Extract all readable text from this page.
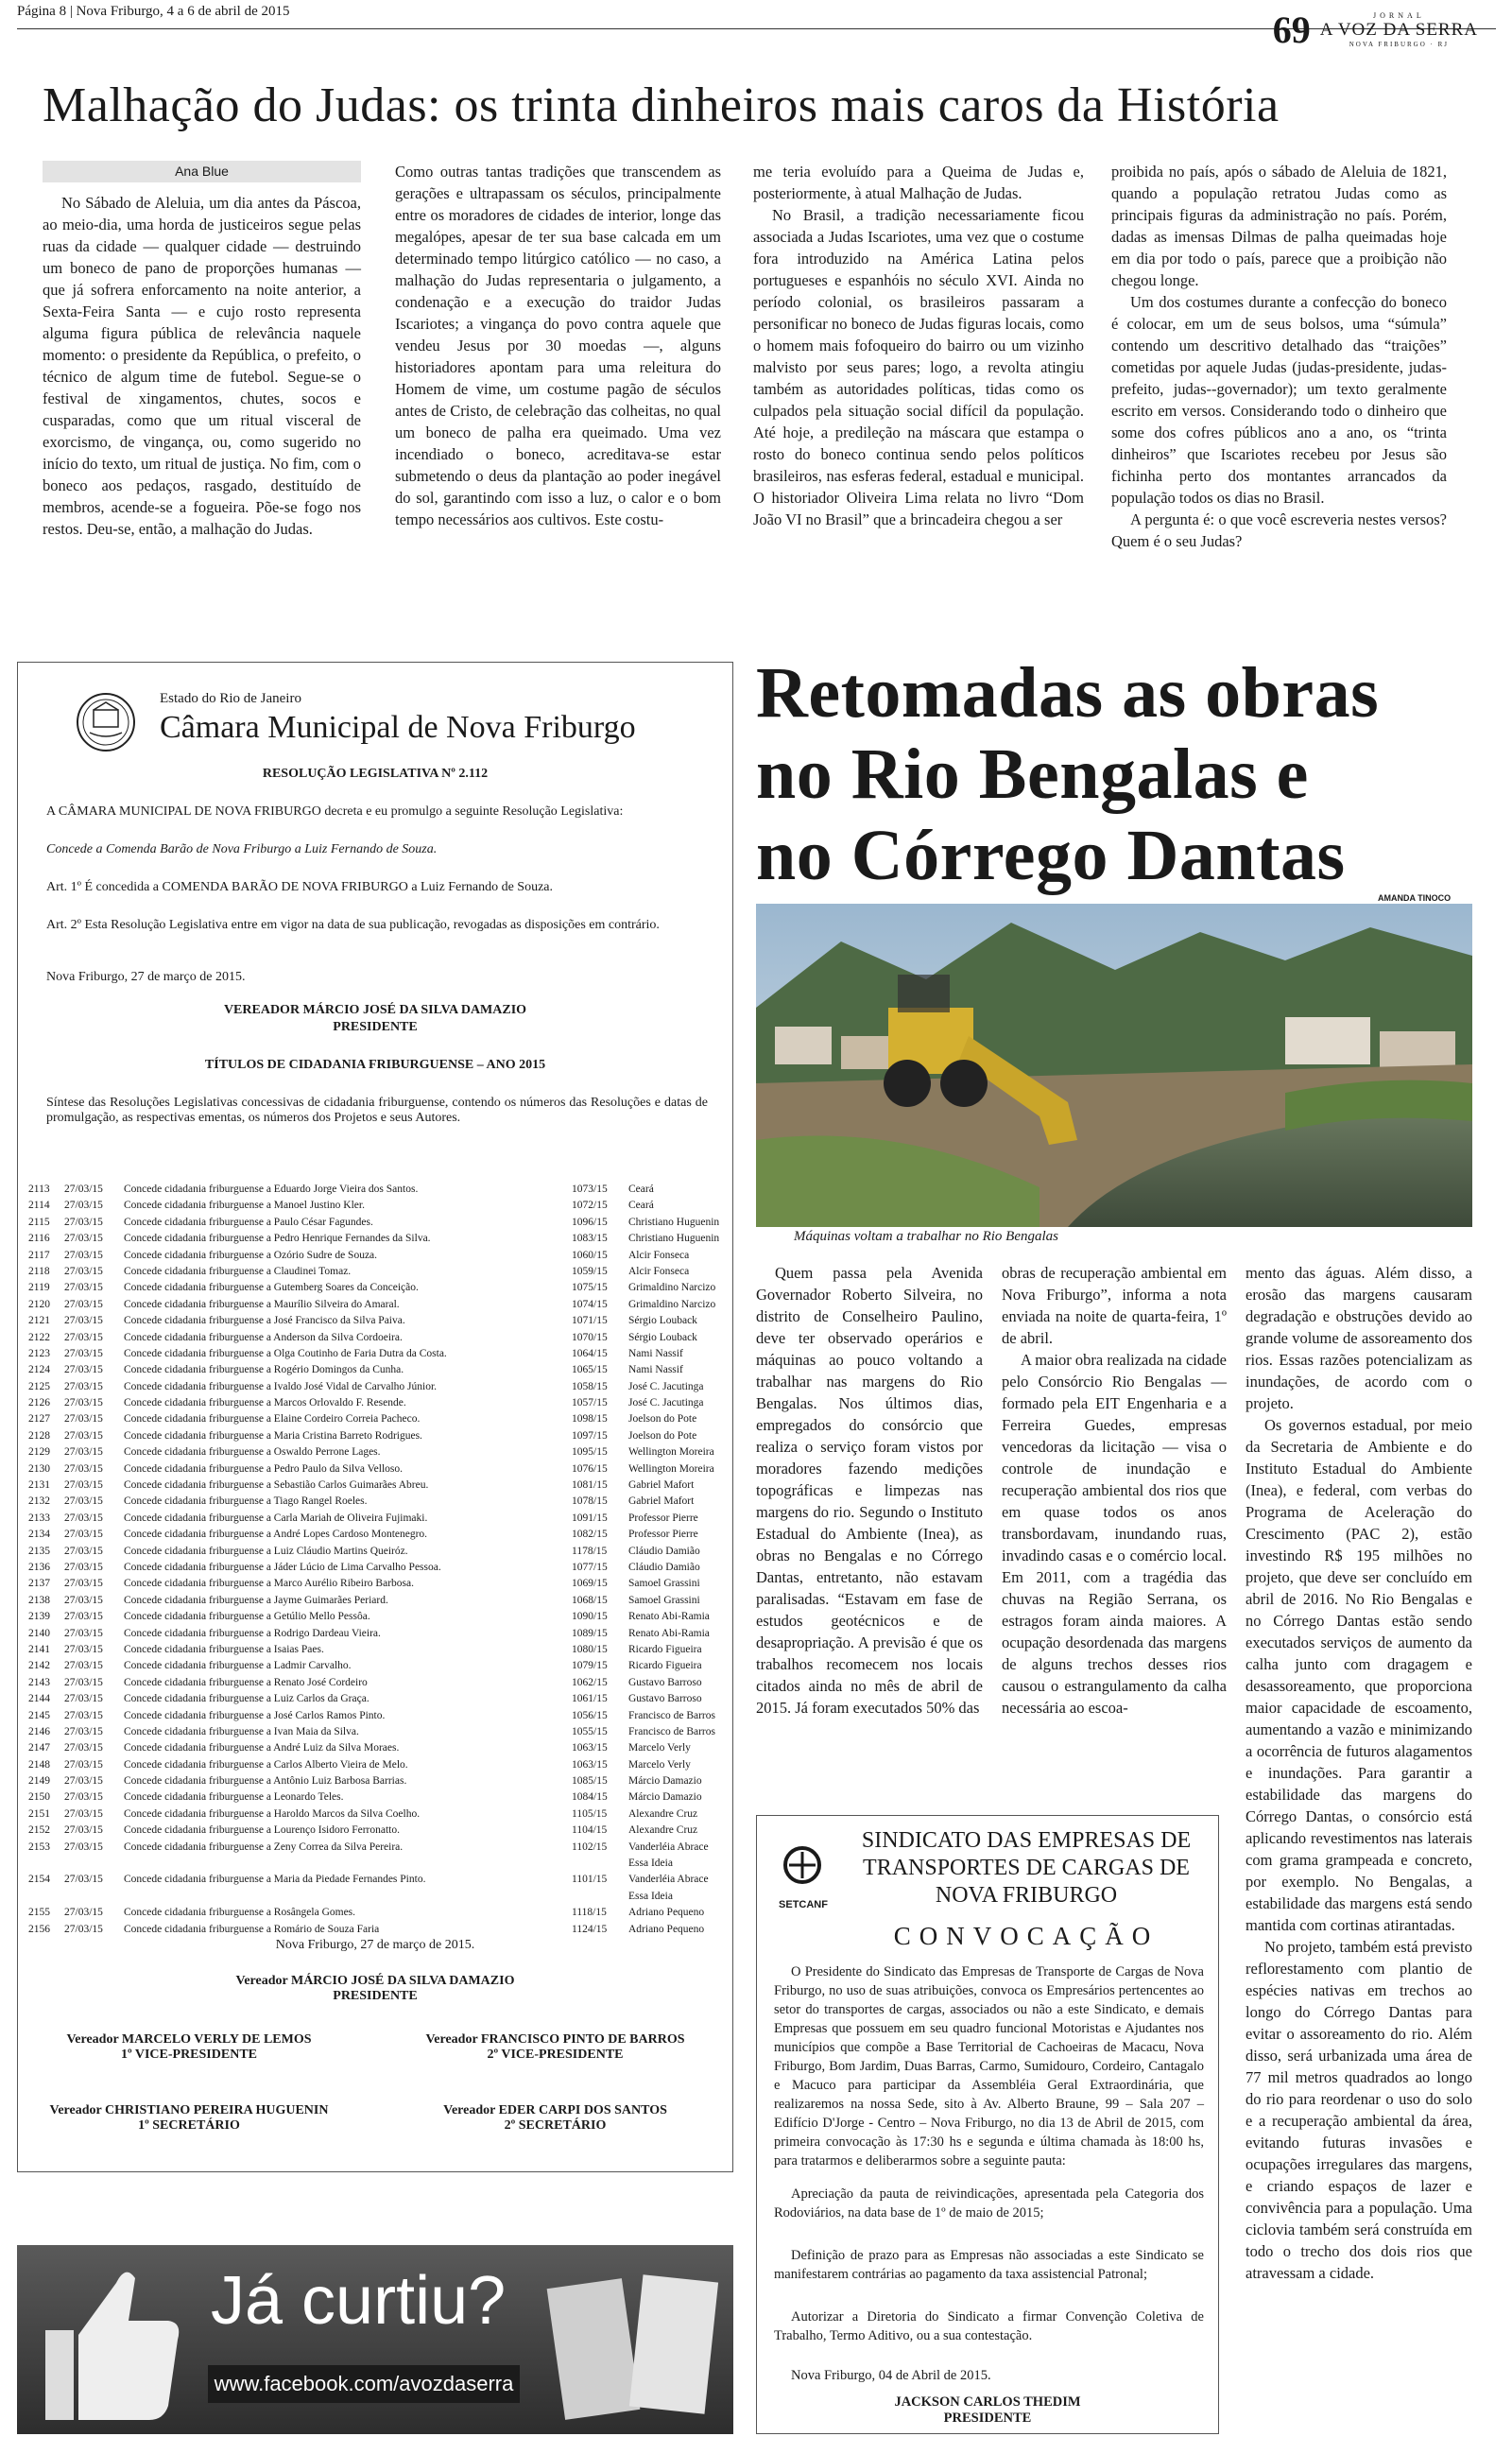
Página 8 | Nova Friburgo, 4 a 6 de abril de 2015	69	JORNAL
A VOZ DA SERRA
NOVA FRIBURGO · RJ
Malhação do Judas: os trinta dinheiros mais caros da História
Ana Blue

No Sábado de Aleluia, um dia antes da Páscoa, ao meio-dia, uma horda de justiceiros segue pelas ruas da cidade — qualquer cidade — destruindo um boneco de pano de proporções humanas — que já sofrera enforcamento na noite anterior, a Sexta-Feira Santa — e cujo rosto representa alguma figura pública de relevância naquele momento: o presidente da República, o prefeito, o técnico de algum time de futebol. Segue-se o festival de xingamentos, chutes, socos e cusparadas, como que um ritual visceral de exorcismo, de vingança, ou, como sugerido no início do texto, um ritual de justiça. No fim, com o boneco aos pedaços, rasgado, destituído de membros, acende-se a fogueira. Põe-se fogo nos restos. Deu-se, então, a malhação do Judas.

Como outras tantas tradições que transcendem as gerações e ultrapassam os séculos, principalmente entre os moradores de cidades de interior, longe das megalópes, apesar de ter sua base calcada em um determinado tempo litúrgico católico — no caso, a malhação do Judas representaria o julgamento, a condenação e a execução do traidor Judas Iscariotes; a vingança do povo contra aquele que vendeu Jesus por 30 moedas —, alguns historiadores apontam para uma releitura do Homem de vime, um costume pagão de séculos antes de Cristo, de celebração das colheitas, no qual um boneco de palha era queimado. Uma vez incendiado o boneco, acreditava-se estar submetendo o deus da plantação ao poder inegável do sol, garantindo com isso a luz, o calor e o bom tempo necessários aos cultivos. Este costu-

me teria evoluído para a Queima de Judas e, posteriormente, à atual Malhação de Judas.

No Brasil, a tradição necessariamente ficou associada a Judas Iscariotes, uma vez que o costume fora introduzido na América Latina pelos portugueses e espanhóis no século XVI. Ainda no período colonial, os brasileiros passaram a personificar no boneco de Judas figuras locais, como o homem mais fofoqueiro do bairro ou um vizinho malvisto por seus pares; logo, a revolta atingiu também as autoridades políticas, tidas como os culpados pela situação social difícil da população. Até hoje, a predileção na máscara que estampa o rosto do boneco continua sendo pelos políticos brasileiros, nas esferas federal, estadual e municipal. O historiador Oliveira Lima relata no livro “Dom João VI no Brasil” que a brincadeira chegou a ser

proibida no país, após o sábado de Aleluia de 1821, quando a população retratou Judas como as principais figuras da administração no país. Porém, dadas as imensas Dilmas de palha queimadas hoje em dia por todo o país, parece que a proibição não chegou longe.

Um dos costumes durante a confecção do boneco é colocar, em um de seus bolsos, uma “súmula” contendo um descritivo detalhado das “traições” cometidas por aquele Judas (judas-presidente, judas-prefeito, judas--governador); um texto geralmente escrito em versos. Considerando todo o dinheiro que some dos cofres públicos ano a ano, os “trinta dinheiros” que Iscariotes recebeu por Jesus são fichinha perto dos montantes arrancados da população todos os dias no Brasil.

A pergunta é: o que você escreveria nestes versos? Quem é o seu Judas?

Estado do Rio de Janeiro
Câmara Municipal de Nova Friburgo
RESOLUÇÃO LEGISLATIVA Nº 2.112
A CÂMARA MUNICIPAL DE NOVA FRIBURGO decreta e eu promulgo a seguinte Resolução Legislativa:
Concede a Comenda Barão de Nova Friburgo a Luiz Fernando de Souza.
Art. 1º É concedida a COMENDA BARÃO DE NOVA FRIBURGO a Luiz Fernando de Souza.
Art. 2º Esta Resolução Legislativa entre em vigor na data de sua publicação, revogadas as disposições em contrário.
Nova Friburgo, 27 de março de 2015.
VEREADOR MÁRCIO JOSÉ DA SILVA DAMAZIO
PRESIDENTE
TÍTULOS DE CIDADANIA FRIBURGUENSE – ANO 2015
Síntese das Resoluções Legislativas concessivas de cidadania friburguense, contendo os números das Resoluções e datas de promulgação, as respectivas ementas, os números dos Projetos e seus Autores.
2113 27/03/15 Concede cidadania friburguense a Eduardo Jorge Vieira dos Santos.	1073/15 Ceará
2114 27/03/15 Concede cidadania friburguense a Manoel Justino Kler.	1072/15 Ceará
2115 27/03/15 Concede cidadania friburguense a Paulo César Fagundes.	1096/15 Christiano Huguenin
2116 27/03/15 Concede cidadania friburguense a Pedro Henrique Fernandes da Silva.	1083/15 Christiano Huguenin
2117 27/03/15 Concede cidadania friburguense a Ozório Sudre de Souza.	1060/15 Alcir Fonseca
2118 27/03/15 Concede cidadania friburguense a Claudinei Tomaz.	1059/15 Alcir Fonseca
2119 27/03/15 Concede cidadania friburguense a Gutemberg Soares da Conceição.	1075/15 Grimaldino Narcizo
2120 27/03/15 Concede cidadania friburguense a Maurílio Silveira do Amaral.	1074/15 Grimaldino Narcizo
2121 27/03/15 Concede cidadania friburguense a José Francisco da Silva Paiva.	1071/15 Sérgio Louback
2122 27/03/15 Concede cidadania friburguense a Anderson da Silva Cordoeira.	1070/15 Sérgio Louback
2123 27/03/15 Concede cidadania friburguense a Olga Coutinho de Faria Dutra da Costa.	1064/15 Nami Nassif
2124 27/03/15 Concede cidadania friburguense a Rogério Domingos da Cunha.	1065/15 Nami Nassif
2125 27/03/15 Concede cidadania friburguense a Ivaldo José Vidal de Carvalho Júnior.	1058/15 José C. Jacutinga
2126 27/03/15 Concede cidadania friburguense a Marcos Orlovaldo F. Resende.	1057/15 José C. Jacutinga
2127 27/03/15 Concede cidadania friburguense a Elaine Cordeiro Correia Pacheco.	1098/15 Joelson do Pote
2128 27/03/15 Concede cidadania friburguense a Maria Cristina Barreto Rodrigues.	1097/15 Joelson do Pote
2129 27/03/15 Concede cidadania friburguense a Oswaldo Perrone Lages.	1095/15 Wellington Moreira
2130 27/03/15 Concede cidadania friburguense a Pedro Paulo da Silva Velloso.	1076/15 Wellington Moreira
2131 27/03/15 Concede cidadania friburguense a Sebastião Carlos Guimarães Abreu.	1081/15 Gabriel Mafort
2132 27/03/15 Concede cidadania friburguense a Tiago Rangel Roeles.	1078/15 Gabriel Mafort
2133 27/03/15 Concede cidadania friburguense a Carla Mariah de Oliveira Fujimaki.	1091/15 Professor Pierre
2134 27/03/15 Concede cidadania friburguense a André Lopes Cardoso Montenegro.	1082/15 Professor Pierre
2135 27/03/15 Concede cidadania friburguense a Luiz Cláudio Martins Queiróz.	1178/15 Cláudio Damião
2136 27/03/15 Concede cidadania friburguense a Jáder Lúcio de Lima Carvalho Pessoa.	1077/15 Cláudio Damião
2137 27/03/15 Concede cidadania friburguense a Marco Aurélio Ribeiro Barbosa.	1069/15 Samoel Grassini
2138 27/03/15 Concede cidadania friburguense a Jayme Guimarães Periard.	1068/15 Samoel Grassini
2139 27/03/15 Concede cidadania friburguense a Getúlio Mello Pessôa.	1090/15 Renato Abi-Ramia
2140 27/03/15 Concede cidadania friburguense a Rodrigo Dardeau Vieira.	1089/15 Renato Abi-Ramia
2141 27/03/15 Concede cidadania friburguense a Isaias Paes.	1080/15 Ricardo Figueira
2142 27/03/15 Concede cidadania friburguense a Ladmir Carvalho.	1079/15 Ricardo Figueira
2143 27/03/15 Concede cidadania friburguense a Renato José Cordeiro	1062/15 Gustavo Barroso
2144 27/03/15 Concede cidadania friburguense a Luiz Carlos da Graça.	1061/15 Gustavo Barroso
2145 27/03/15 Concede cidadania friburguense a José Carlos Ramos Pinto.	1056/15 Francisco de Barros
2146 27/03/15 Concede cidadania friburguense a Ivan Maia da Silva.	1055/15 Francisco de Barros
2147 27/03/15 Concede cidadania friburguense a André Luiz da Silva Moraes.	1063/15 Marcelo Verly
2148 27/03/15 Concede cidadania friburguense a Carlos Alberto Vieira de Melo.	1063/15 Marcelo Verly
2149 27/03/15 Concede cidadania friburguense a Antônio Luiz Barbosa Barrias.	1085/15 Márcio Damazio
2150 27/03/15 Concede cidadania friburguense a Leonardo Teles.	1084/15 Márcio Damazio
2151 27/03/15 Concede cidadania friburguense a Haroldo Marcos da Silva Coelho.	1105/15 Alexandre Cruz
2152 27/03/15 Concede cidadania friburguense a Lourenço Isidoro Ferronatto.	1104/15 Alexandre Cruz
2153 27/03/15 Concede cidadania friburguense a Zeny Correa da Silva Pereira.	1102/15 Vanderléia Abrace
Essa Ideia
2154 27/03/15 Concede cidadania friburguense a Maria da Piedade Fernandes Pinto.	1101/15 Vanderléia Abrace
Essa Ideia
2155 27/03/15 Concede cidadania friburguense a Rosângela Gomes.	1118/15 Adriano Pequeno
2156 27/03/15 Concede cidadania friburguense a Romário de Souza Faria	1124/15 Adriano Pequeno
Nova Friburgo, 27 de março de 2015.
Vereador MÁRCIO JOSÉ DA SILVA DAMAZIO
PRESIDENTE
Vereador MARCELO VERLY DE LEMOS
1º VICE-PRESIDENTE
Vereador FRANCISCO PINTO DE BARROS
2º VICE-PRESIDENTE
Vereador CHRISTIANO PEREIRA HUGUENIN
1º SECRETÁRIO
Vereador EDER CARPI DOS SANTOS
2º SECRETÁRIO
Já curtiu?
www.facebook.com/avozdaserra
Retomadas as obras
no Rio Bengalas e
no Córrego Dantas
AMANDA TINOCO
Máquinas voltam a trabalhar no Rio Bengalas

Quem passa pela Avenida Governador Roberto Silveira, no distrito de Conselheiro Paulino, deve ter observado operários e máquinas ao pouco voltando a trabalhar nas margens do Rio Bengalas. Nos últimos dias, empregados do consórcio que realiza o serviço foram vistos por moradores fazendo medições topográficas e limpezas nas margens do rio. Segundo o Instituto Estadual do Ambiente (Inea), as obras no Bengalas e no Córrego Dantas, entretanto, não estavam paralisadas. “Estavam em fase de estudos geotécnicos e de desapropriação. A previsão é que os trabalhos recomecem nos locais citados ainda no mês de abril de 2015. Já foram executados 50% das

obras de recuperação ambiental em Nova Friburgo”, informa a nota enviada na noite de quarta-feira, 1º de abril.

A maior obra realizada na cidade pelo Consórcio Rio Bengalas — formado pela EIT Engenharia e a Ferreira Guedes, empresas vencedoras da licitação — visa o controle de inundação e recuperação ambiental dos rios que em quase todos os anos transbordavam, inundando ruas, invadindo casas e o comércio local. Em 2011, com a tragédia das chuvas na Região Serrana, os estragos foram ainda maiores. A ocupação desordenada das margens de alguns trechos desses rios causou o estrangulamento da calha necessária ao escoa-

mento das águas. Além disso, a erosão das margens causaram degradação e obstruções devido ao grande volume de assoreamento dos rios. Essas razões potencializam as inundações, de acordo com o projeto.

Os governos estadual, por meio da Secretaria de Ambiente e do Instituto Estadual do Ambiente (Inea), e federal, com verbas do Programa de Aceleração do Crescimento (PAC 2), estão investindo R$ 195 milhões no projeto, que deve ser concluído em abril de 2016. No Rio Bengalas e no Córrego Dantas estão sendo executados serviços de aumento da calha junto com dragagem e desassoreamento, que proporciona maior capacidade de escoamento, aumentando a vazão e minimizando a ocorrência de futuros alagamentos e inundações. Para garantir a estabilidade das margens do Córrego Dantas, o consórcio está aplicando revestimentos nas laterais com grama grampeada e concreto, por exemplo. No Bengalas, a estabilidade das margens está sendo mantida com cortinas atirantadas.

No projeto, também está previsto reflorestamento com plantio de espécies nativas em trechos ao longo do Córrego Dantas para evitar o assoreamento do rio. Além disso, será urbanizada uma área de 77 mil metros quadrados ao longo do rio para reordenar o uso do solo e a recuperação ambiental da área, evitando futuras invasões e ocupações irregulares das margens, e criando espaços de lazer e convivência para a população. Uma ciclovia também será construída em todo o trecho dos dois rios que atravessam a cidade.

SETCANF
SINDICATO DAS EMPRESAS DE TRANSPORTES DE CARGAS DE NOVA FRIBURGO
CONVOCAÇÃO

O Presidente do Sindicato das Empresas de Transporte de Cargas de Nova Friburgo, no uso de suas atribuições, convoca os Empresários pertencentes ao setor do transportes de cargas, associados ou não a este Sindicato, e demais Empresas que possuem em seu quadro funcional Motoristas e Ajudantes nos municípios que compõe a Base Territorial de Cachoeiras de Macacu, Nova Friburgo, Bom Jardim, Duas Barras, Carmo, Sumidouro, Cordeiro, Cantagalo e Macuco para participar da Assembléia Geral Extraordinária, que realizaremos na nossa Sede, sito à Av. Alberto Braune, 99 – Sala 207 – Edifício D'Jorge - Centro – Nova Friburgo, no dia 13 de Abril de 2015, com primeira convocação às 17:30 hs e segunda e última chamada às 18:00 hs, para tratarmos e deliberarmos sobre a seguinte pauta:

Apreciação da pauta de reivindicações, apresentada pela Categoria dos Rodoviários, na data base de 1º de maio de 2015;

Definição de prazo para as Empresas não associadas a este Sindicato se manifestarem contrárias ao pagamento da taxa assistencial Patronal;

Autorizar a Diretoria do Sindicato a firmar Convenção Coletiva de Trabalho, Termo Aditivo, ou a sua contestação.

Nova Friburgo, 04 de Abril de 2015.

JACKSON CARLOS THEDIM
PRESIDENTE
